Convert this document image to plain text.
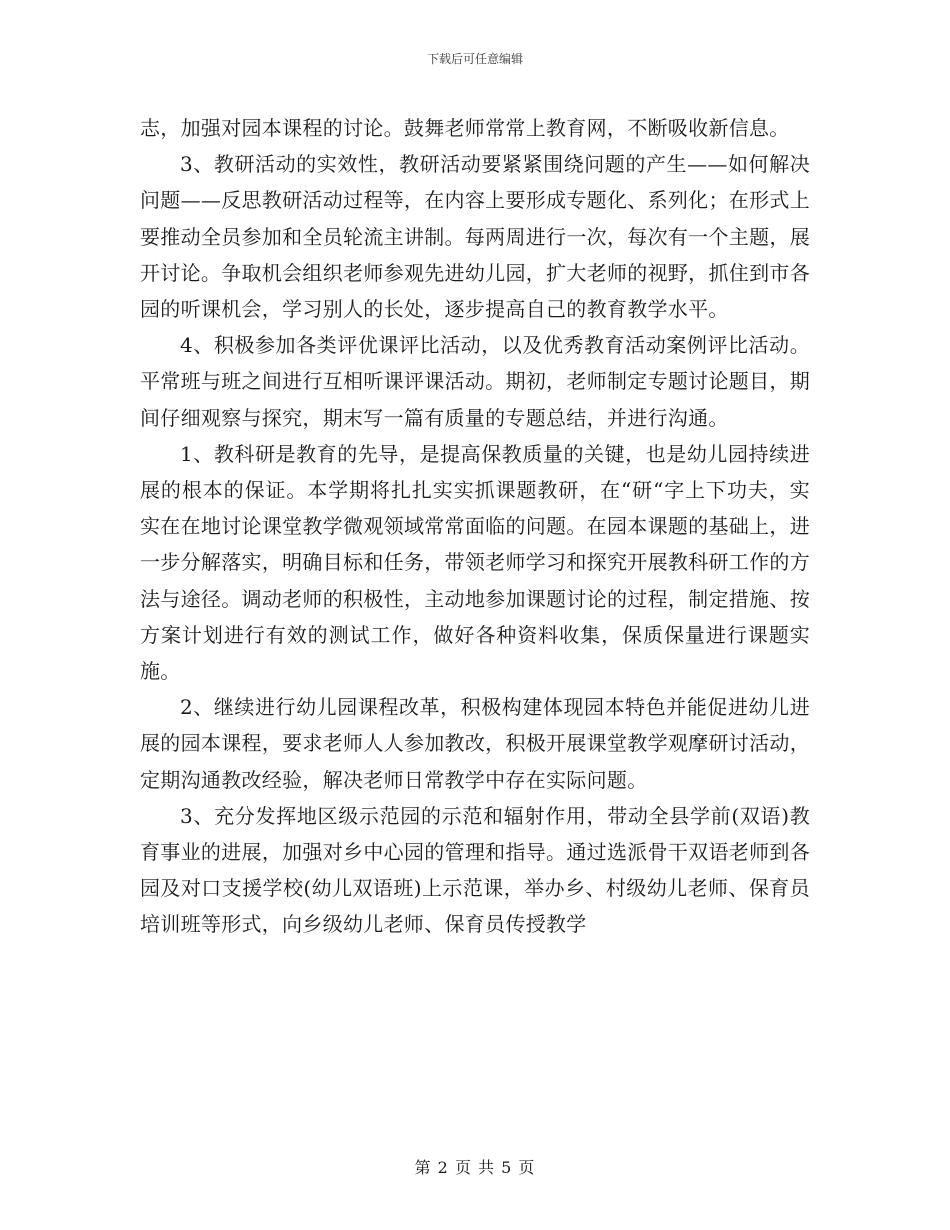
下载后可任意编辑

志，加强对园本课程的讨论。鼓舞老师常常上教育网，不断吸收新信息。

3、教研活动的实效性，教研活动要紧紧围绕问题的产生——如何解决问题——反思教研活动过程等，在内容上要形成专题化、系列化；在形式上要推动全员参加和全员轮流主讲制。每两周进行一次，每次有一个主题，展开讨论。争取机会组织老师参观先进幼儿园，扩大老师的视野，抓住到市各园的听课机会，学习别人的长处，逐步提高自己的教育教学水平。

4、积极参加各类评优课评比活动，以及优秀教育活动案例评比活动。平常班与班之间进行互相听课评课活动。期初，老师制定专题讨论题目，期间仔细观察与探究，期末写一篇有质量的专题总结，并进行沟通。

1、教科研是教育的先导，是提高保教质量的关键，也是幼儿园持续进展的根本的保证。本学期将扎扎实实抓课题教研，在“研“字上下功夫，实实在在地讨论课堂教学微观领域常常面临的问题。在园本课题的基础上，进一步分解落实，明确目标和任务，带领老师学习和探究开展教科研工作的方法与途径。调动老师的积极性，主动地参加课题讨论的过程，制定措施、按方案计划进行有效的测试工作，做好各种资料收集，保质保量进行课题实施。

2、继续进行幼儿园课程改革，积极构建体现园本特色并能促进幼儿进展的园本课程，要求老师人人参加教改，积极开展课堂教学观摩研讨活动，定期沟通教改经验，解决老师日常教学中存在实际问题。

3、充分发挥地区级示范园的示范和辐射作用，带动全县学前(双语)教育事业的进展，加强对乡中心园的管理和指导。通过选派骨干双语老师到各园及对口支援学校(幼儿双语班)上示范课，举办乡、村级幼儿老师、保育员培训班等形式，向乡级幼儿老师、保育员传授教学

第 2 页 共 5 页
